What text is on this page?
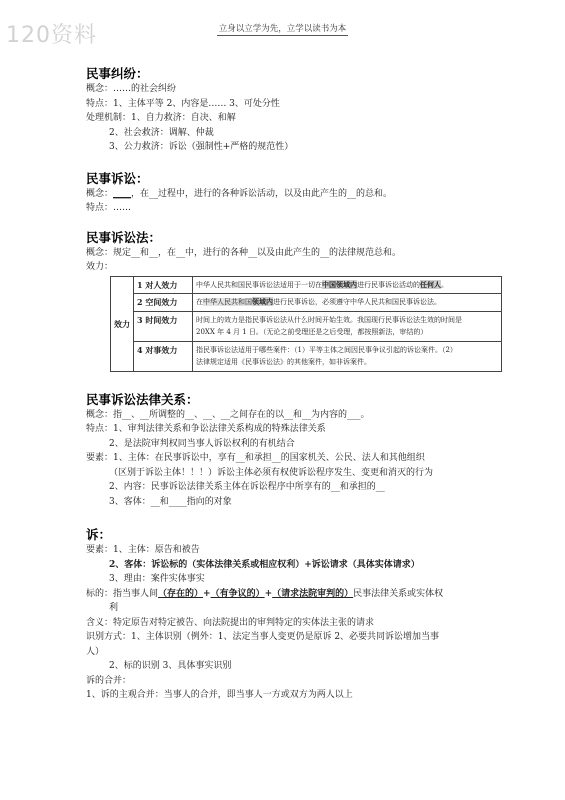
120资料	立身以立学为先，立学以读书为本
民事纠纷：
概念：……的社会纠纷
特点：1、主体平等 2、内容是…… 3、可处分性
处理机制：1、自力救济：自决、和解
2、社会救济：调解、仲裁
3、公力救济：诉讼（强制性+严格的规范性）
民事诉讼：
概念：____，在__过程中，进行的各种诉讼活动，以及由此产生的__的总和。
特点：……
民事诉讼法：
概念：规定__和__，在__中，进行的各种__以及由此产生的__的法律规范总和。
效力：
效力	1 对人效力	中华人民共和国民事诉讼法适用于一切在中国领域内进行民事诉讼活动的任何人。
	2 空间效力	在中华人民共和国领域内进行民事诉讼，必须遵守中华人民共和国民事诉讼法。
	3 时间效力	时间上的效力是指民事诉讼法从什么时间开始生效。我国现行民事诉讼法生效的时间是
20XX 年 4 月 1 日。（无论之前受理还是之后受理，都按照新法，审结的）
	4 对事效力	指民事诉讼法适用于哪些案件：（1）平等主体之间因民事争议引起的诉讼案件。（2）
法律规定适用《民事诉讼法》的其他案件，如非诉案件。
民事诉讼法律关系：
概念：指__、__所调整的__、__、__之间存在的以__和__为内容的___。
特点：1、审判法律关系和争讼法律关系构成的特殊法律关系
2、是法院审判权同当事人诉讼权利的有机结合
要素：1、主体：在民事诉讼中，享有__和承担__的国家机关、公民、法人和其他组织
（区别于诉讼主体！！！）诉讼主体必须有权使诉讼程序发生、变更和消灭的行为
2、内容：民事诉讼法律关系主体在诉讼程序中所享有的__和承担的__
3、客体：__和____指向的对象
诉：
要素：1、主体：原告和被告
2、客体：诉讼标的（实体法律关系或相应权利）+诉讼请求（具体实体请求）
3、理由：案件实体事实
标的：指当事人间（存在的）+（有争议的）+（请求法院审判的）民事法律关系或实体权
利
含义：特定原告对特定被告、向法院提出的审判特定的实体法主张的请求
识别方式：1、主体识别（例外：1、法定当事人变更仍是原诉 2、必要共同诉讼增加当事
人）
2、标的识别 3、具体事实识别
诉的合并：
1、诉的主观合并：当事人的合并，即当事人一方或双方为两人以上
